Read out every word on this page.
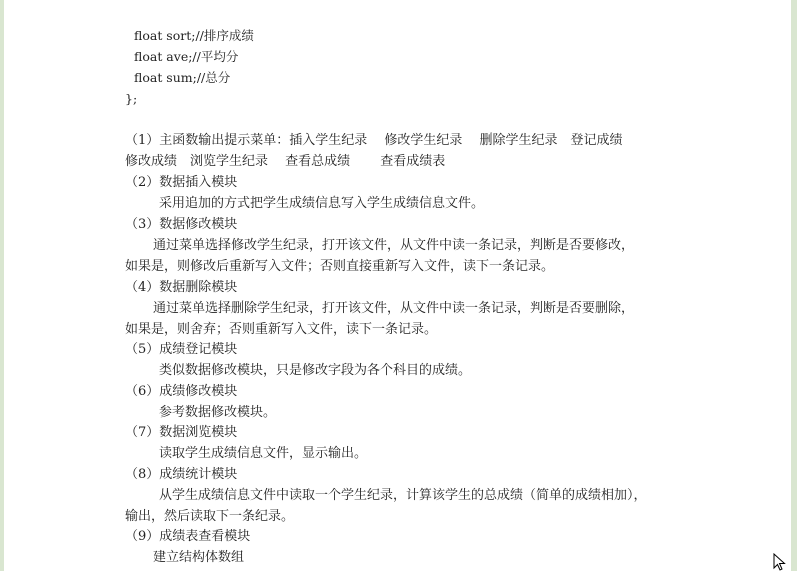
float sort;//排序成绩
float ave;//平均分
float sum;//总分
};
（1）主函数输出提示菜单：插入学生纪录　 修改学生纪录　 删除学生纪录　登记成绩
修改成绩　浏览学生纪录　 查看总成绩　　 查看成绩表
（2）数据插入模块
采用追加的方式把学生成绩信息写入学生成绩信息文件。
（3）数据修改模块
通过菜单选择修改学生纪录，打开该文件，从文件中读一条记录，判断是否要修改，
如果是，则修改后重新写入文件；否则直接重新写入文件，读下一条记录。
（4）数据删除模块
通过菜单选择删除学生纪录，打开该文件，从文件中读一条记录，判断是否要删除，
如果是，则舍弃；否则重新写入文件，读下一条记录。
（5）成绩登记模块
类似数据修改模块，只是修改字段为各个科目的成绩。
（6）成绩修改模块
参考数据修改模块。
（7）数据浏览模块
读取学生成绩信息文件，显示输出。
（8）成绩统计模块
从学生成绩信息文件中读取一个学生纪录，计算该学生的总成绩（简单的成绩相加），
输出，然后读取下一条纪录。
（9）成绩表查看模块
建立结构体数组
